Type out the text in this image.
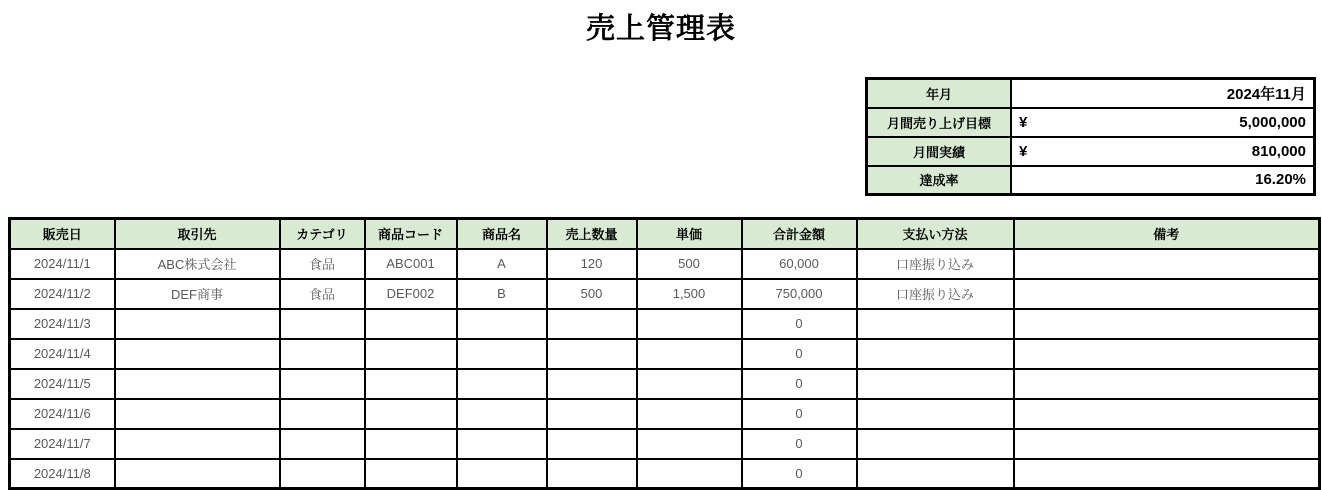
売上管理表
年月	2024年11月

月間売り上げ目標	¥ 5,000,000

月間実績	¥ 810,000

達成率	16.20%
販売日	取引先	カテゴリ	商品コード	商品名	売上数量	単価	合計金額	支払い方法	備考
2024/11/1	ABC株式会社	食品	ABC001	A	120	500	60,000	口座振り込み	
2024/11/2	DEF商事	食品	DEF002	B	500	1,500	750,000	口座振り込み	
2024/11/3							0		
2024/11/4							0		
2024/11/5							0		
2024/11/6							0		
2024/11/7							0		
2024/11/8							0		
